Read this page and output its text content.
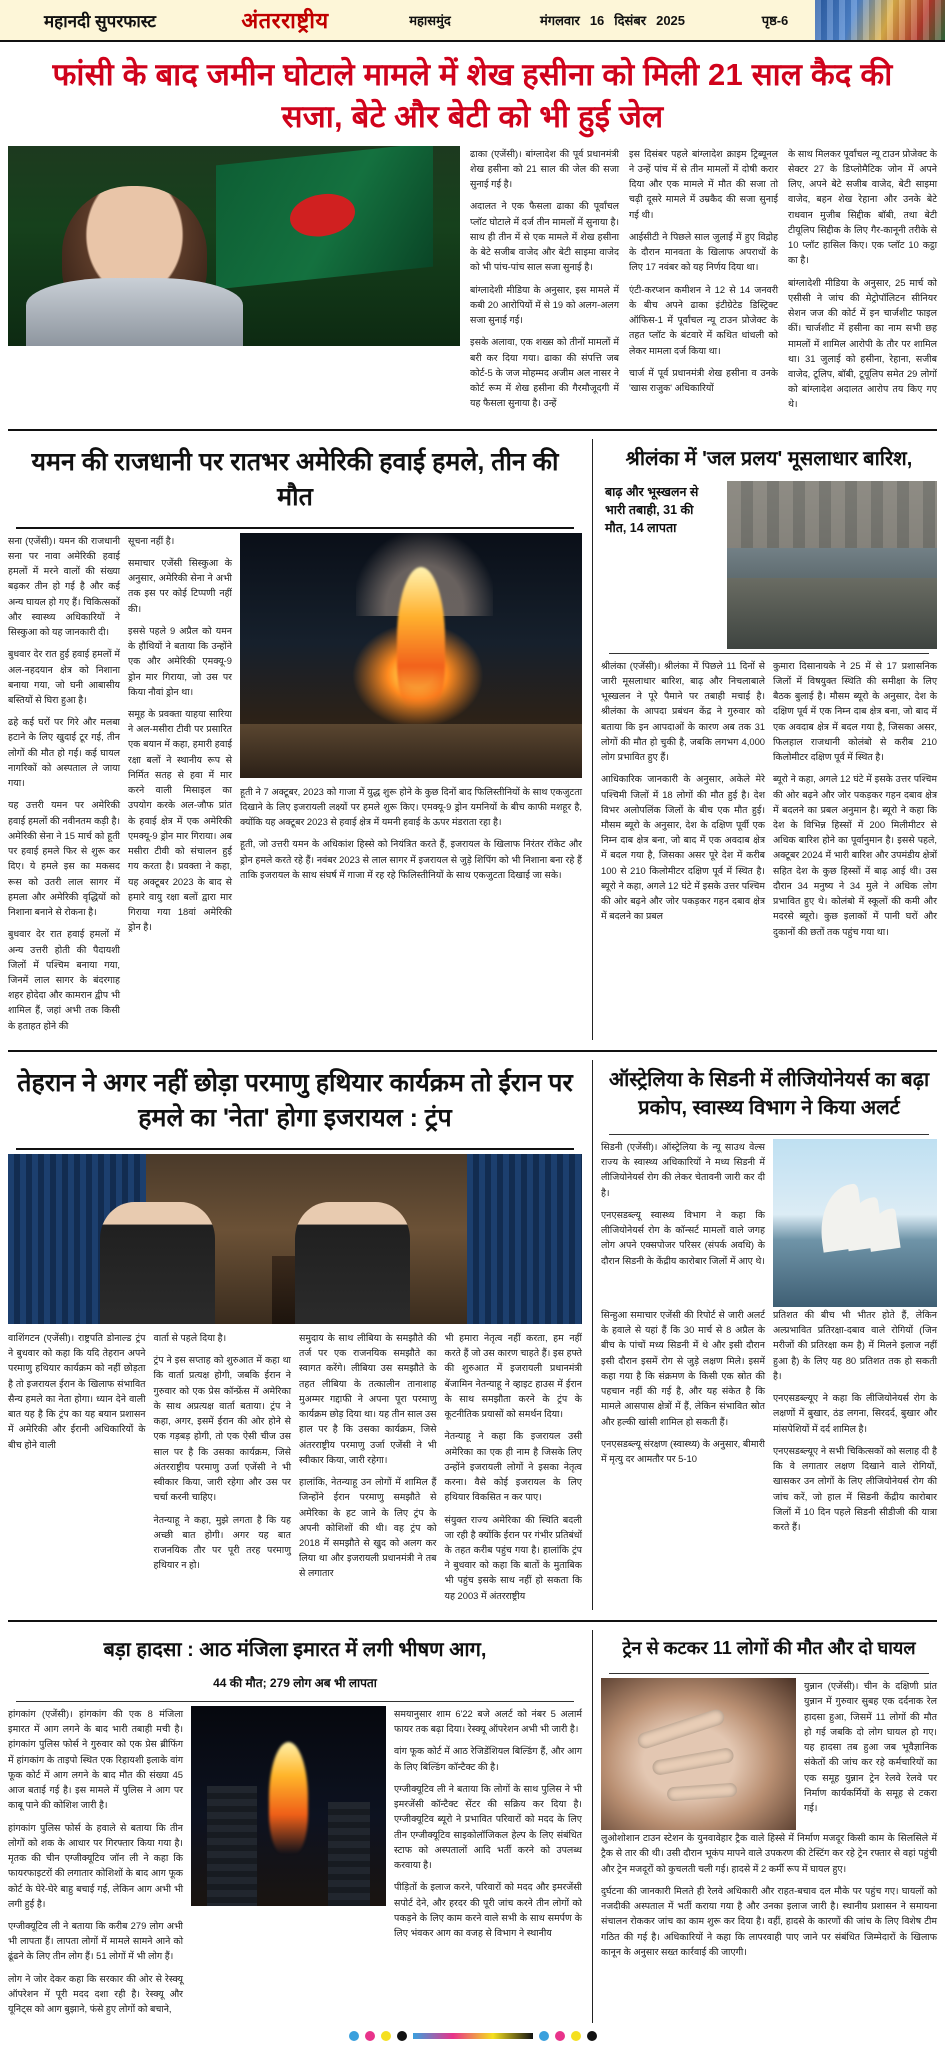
महानदी सुपरफास्ट	अंतरराष्ट्रीय	महासमुंद	मंगलवार 16 दिसंबर 2025	पृष्ठ-6
फांसी के बाद जमीन घोटाले मामले में शेख हसीना को मिली 21 साल कैद की सजा, बेटे और बेटी को भी हुई जेल

ढाका (एजेंसी)। बांग्लादेश की पूर्व प्रधानमंत्री शेख हसीना को 21 साल की जेल की सजा सुनाई गई है।

अदालत ने एक फैसला ढाका की पूर्वांचल प्लॉट घोटाले में दर्ज तीन मामलों में सुनाया है। साथ ही तीन में से एक मामले में शेख हसीना के बेटे सजीब वाजेद और बेटी साइमा वाजेद को भी पांच-पांच साल सजा सुनाई है।

बांग्लादेशी मीडिया के अनुसार, इस मामले में कबी 20 आरोपियों में से 19 को अलग-अलग सजा सुनाई गई।

इसके अलावा, एक शख्स को तीनों मामलों में बरी कर दिया गया। ढाका की संपत्ति जब कोर्ट-5 के जज मोहम्मद अजीम अल नासर ने कोर्ट रूम में शेख हसीना की गैरमौजूदगी में यह फैसला सुनाया है। उन्हें

इस दिसंबर पहले बांग्लादेश क्राइम ट्रिब्यूनल ने उन्हें पांच में से तीन मामलों में दोषी करार दिया और एक मामले में मौत की सजा तो चढ़ी दूसरे मामले में उम्रकैद की सजा सुनाई गई थी।

आईसीटी ने पिछले साल जुलाई में हुए विद्रोह के दौरान मानवता के खिलाफ अपराधों के लिए 17 नवंबर को यह निर्णय दिया था।

एंटी-करप्शन कमीशन ने 12 से 14 जनवरी के बीच अपने ढाका इंटीग्रेटेड डिस्ट्रिक्ट ऑफिस-1 में पूर्वांचल न्यू टाउन प्रोजेक्ट के तहत प्लॉट के बंटवारे में कथित धांधली को लेकर मामला दर्ज किया था।

चार्ज में पूर्व प्रधानमंत्री शेख हसीना व उनके 'खास राजुक' अधिकारियों

के साथ मिलकर पूर्वांचल न्यू टाउन प्रोजेक्ट के सेक्टर 27 के डिप्लोमैटिक जोन में अपने लिए, अपने बेटे सजीब वाजेद, बेटी साइमा वाजेद, बहन शेख रेहाना और उनके बेटे राधवान मुजीब सिद्दीक बॉबी, तथा बेटी टीयूलिप सिद्दीक के लिए गैर-कानूनी तरीके से 10 प्लॉट हासिल किए। एक प्लॉट 10 कट्ठा का है।

बांग्लादेशी मीडिया के अनुसार, 25 मार्च को एसीसी ने जांच की मेट्रोपॉलिटन सीनियर सेशन जज की कोर्ट में इन चार्जशीट फाइल कीं। चार्जशीट में हसीना का नाम सभी छह मामलों में शामिल आरोपी के तौर पर शामिल था। 31 जुलाई को हसीना, रेहाना, सजीब वाजेद, टूलिप, बॉबी, टूयूलिप समेत 29 लोगों को बांग्लादेश अदालत आरोप तय किए गए थे।

यमन की राजधानी पर रातभर अमेरिकी हवाई हमले, तीन की मौत

सना (एजेंसी)। यमन की राजधानी सना पर नावा अमेरिकी हवाई हमलों में मरने वालों की संख्या बढ़कर तीन हो गई है और कई अन्य घायल हो गए हैं। चिकित्सकों और स्वास्थ्य अधिकारियों ने सिस्कुआ को यह जानकारी दी।

बुधवार देर रात हुई हवाई हमलों में अल-नहदयान क्षेत्र को निशाना बनाया गया, जो घनी आबासीय बस्तियों से घिरा हुआ है।

ढहे कई घरों पर गिरे और मलबा हटाने के लिए खुदाई टूर गई, तीन लोगों की मौत हो गई। कई घायल नागरिकों को अस्पताल ले जाया गया।

यह उत्तरी यमन पर अमेरिकी हवाई हमलों की नवीनतम कड़ी है। अमेरिकी सेना ने 15 मार्च को हूती पर हवाई हमले फिर से शुरू कर दिए। ये हमले इस का मकसद रूस को उतरी लाल सागर में हमला और अमेरिकी वृद्धियों को निशाना बनाने से रोकना है।

बुधवार देर रात हवाई हमलों में अन्य उत्तरी होती की पैदायशी जिलों में पश्चिम बनाया गया, जिनमें लाल सागर के बंदरगाह शहर होदेदा और कामरान द्वीप भी शामिल हैं, जहां अभी तक किसी के हताहत होने की

सूचना नहीं है।

समाचार एजेंसी सिस्कुआ के अनुसार, अमेरिकी सेना ने अभी तक इस पर कोई टिप्पणी नहीं की।

इससे पहले 9 अप्रैल को यमन के हौथियों ने बताया कि उन्होंने एक और अमेरिकी एमक्यू-9 ड्रोन मार गिराया, जो उस पर किया नौवां ड्रोन था।

समूह के प्रवक्ता याहया सारिया ने अल-मसीरा टीवी पर प्रसारित एक बयान में कहा, हमारी हवाई रक्षा बलों ने स्थानीय रूप से निर्मित सतह से हवा में मार करने वाली मिसाइल का उपयोग करके अल-जौफ प्रांत के हवाई क्षेत्र में एक अमेरिकी एमक्यू-9 ड्रोन मार गिराया। अब मसीरा टीवी को संचालन हुई गय करता है। प्रवक्ता ने कहा, यह अक्टूबर 2023 के बाद से हमारे वायु रक्षा बलों द्वारा मार गिराया गया 18वां अमेरिकी ड्रोन है।

हूती ने 7 अक्टूबर, 2023 को गाजा में युद्ध शुरू होने के कुछ दिनों बाद फिलिस्तीनियों के साथ एकजुटता दिखाने के लिए इजरायली लक्ष्यों पर हमले शुरू किए। एमक्यू-9 ड्रोन यमनियों के बीच काफी मशहूर है, क्योंकि यह अक्टूबर 2023 से हवाई क्षेत्र में यमनी हवाई के ऊपर मंडराता रहा है।

हूती, जो उत्तरी यमन के अधिकांश हिस्से को नियंत्रित करते हैं, इजरायल के खिलाफ निरंतर रॉकेट और ड्रोन हमले करते रहे हैं। नवंबर 2023 से लाल सागर में इजरायल से जुड़े शिपिंग को भी निशाना बना रहे हैं ताकि इजरायल के साथ संघर्ष में गाजा में रह रहे फिलिस्तीनियों के साथ एकजुटता दिखाई जा सके।

श्रीलंका में 'जल प्रलय' मूसलाधार बारिश,
बाढ़ और भूस्खलन से भारी तबाही, 31 की मौत, 14 लापता

श्रीलंका (एजेंसी)। श्रीलंका में पिछले 11 दिनों से जारी मूसलाधार बारिश, बाढ़ और निचलाबाले भूस्खलन ने पूरे पैमाने पर तबाही मचाई है। श्रीलंका के आपदा प्रबंधन केंद्र ने गुरुवार को बताया कि इन आपदाओं के कारण अब तक 31 लोगों की मौत हो चुकी है, जबकि लगभग 4,000 लोग प्रभावित हुए हैं।

आधिकारिक जानकारी के अनुसार, अकेले मेरे पश्चिमी जिलों में 18 लोगों की मौत हुई है। देश विभर अलोपलिंक जिलों के बीच एक मौत हुई। मौसम ब्यूरो के अनुसार, देश के दक्षिण पूर्वी एक निम्न दाब क्षेत्र बना, जो बाद में एक अवदाब क्षेत्र में बदल गया है, जिसका असर पूरे देश में करीब 100 से 210 किलोमीटर दक्षिण पूर्व में स्थित है। ब्यूरो ने कहा, अगले 12 घंटे में इसके उत्तर पश्चिम की ओर बढ़ने और जोर पकड़कर गहन दबाव क्षेत्र में बदलने का प्रबल

कुमारा दिसानायके ने 25 में से 17 प्रशासनिक जिलों में विषयुक्त स्थिति की समीक्षा के लिए बैठक बुलाई है। मौसम ब्यूरो के अनुसार, देश के दक्षिण पूर्व में एक निम्न दाब क्षेत्र बना, जो बाद में एक अवदाब क्षेत्र में बदल गया है, जिसका असर, फिलहाल राजधानी कोलंबो से करीब 210 किलोमीटर दक्षिण पूर्व में स्थित है।

ब्यूरो ने कहा, अगले 12 घंटे में इसके उत्तर पश्चिम की ओर बढ़ने और जोर पकड़कर गहन दबाव क्षेत्र में बदलने का प्रबल अनुमान है। ब्यूरो ने कहा कि देश के विभिन्न हिस्सों में 200 मिलीमीटर से अधिक बारिश होने का पूर्वानुमान है। इससे पहले, अक्टूबर 2024 में भारी बारिश और उपमंडीय क्षेत्रों सहित देश के कुछ हिस्सों में बाढ़ आई थी। उस दौरान 34 मनुष्य ने 34 मुले ने अधिक लोग प्रभावित हुए थे। कोलंबो में स्कूलों की कमी और मदरसे ब्यूरो। कुछ इलाकों में पानी घरों और दुकानों की छतों तक पहुंच गया था।

तेहरान ने अगर नहीं छोड़ा परमाणु हथियार कार्यक्रम तो ईरान पर हमले का 'नेता' होगा इजरायल : ट्रंप

वाशिंगटन (एजेंसी)। राष्ट्रपति डोनाल्ड ट्रंप ने बुधवार को कहा कि यदि तेहरान अपने परमाणु हथियार कार्यक्रम को नहीं छोड़ता है तो इजरायल ईरान के खिलाफ संभावित सैन्य हमले का नेता होगा। ध्यान देने वाली बात यह है कि ट्रंप का यह बयान प्रशासन में अमेरिकी और ईरानी अधिकारियों के बीच होने वाली

वार्ता से पहले दिया है।

ट्रंप ने इस सप्ताह को शुरुआत में कहा था कि वार्ता प्रत्यक्ष होगी, जबकि ईरान ने गुरुवार को एक प्रेस कॉन्फ्रेंस में अमेरिका के साथ अप्रत्यक्ष वार्ता बताया। ट्रंप ने कहा, अगर, इसमें ईरान की ओर होने से एक गड़बड़ होगी, तो एक ऐसी चीज उस साल पर है कि उसका कार्यक्रम, जिसे अंतरराष्ट्रीय परमाणु उर्जा एजेंसी ने भी स्वीकार किया, जारी रहेगा और उस पर चर्चा करनी चाहिए।

नेतन्याहू ने कहा, मुझे लगता है कि यह अच्छी बात होगी। अगर यह बात राजनयिक तौर पर पूरी तरह परमाणु हथियार न हो।

समुदाय के साथ लीबिया के समझौते की तर्ज पर एक राजनयिक समझौते का स्वागत करेंगे। लीबिया उस समझौते के तहत लीबिया के तत्कालीन तानाशाह मुअम्मर गद्दाफी ने अपना पूरा परमाणु कार्यक्रम छोड़ दिया था। यह तीन साल उस हाल पर है कि उसका कार्यक्रम, जिसे अंतरराष्ट्रीय परमाणु उर्जा एजेंसी ने भी स्वीकार किया, जारी रहेगा।

हालांकि, नेतन्याहू उन लोगों में शामिल हैं जिन्होंने ईरान परमाणु समझौते से अमेरिका के हट जाने के लिए ट्रंप के अपनी कोशिशों की थी। वह ट्रंप को 2018 में समझौते से खुद को अलग कर लिया था और इजरायली प्रधानमंत्री ने तब से लगातार

भी हमारा नेतृत्व नहीं करता, हम नहीं करते हैं जो उस कारण चाहते हैं। इस हफ्ते की शुरुआत में इजरायली प्रधानमंत्री बेंजामिन नेतन्याहू ने व्हाइट हाउस में ईरान के साथ समझौता करने के ट्रंप के कूटनीतिक प्रयासों को समर्थन दिया।

नेतन्याहू ने कहा कि इजरायल उसी अमेरिका का एक ही नाम है जिसके लिए उन्होंने इजरायली लोगों ने इसका नेतृत्व करना। वैसे कोई इजरायल के लिए हथियार विकसित न कर पाए।

संयुक्त राज्य अमेरिका की स्थिति बदली जा रही है क्योंकि ईरान पर गंभीर प्रतिबंधों के तहत करीब पहुंच गया है। हालांकि ट्रंप ने बुधवार को कहा कि बातों के मुताबिक भी पहुंच इसके साथ नहीं हो सकता कि यह 2003 में अंतरराष्ट्रीय

ऑस्ट्रेलिया के सिडनी में लीजियोनेयर्स का बढ़ा प्रकोप, स्वास्थ्य विभाग ने किया अलर्ट

सिडनी (एजेंसी)। ऑस्ट्रेलिया के न्यू साउथ वेल्स राज्य के स्वास्थ्य अधिकारियों ने मध्य सिडनी में लीजियोनेयर्स रोग की लेकर चेतावनी जारी कर दी है।

एनएसडब्ल्यू स्वास्थ्य विभाग ने कहा कि लीजियोनेयर्स रोग के कॉन्सर्ट मामलों वाले जगह लोग अपने एक्सपोजर परिसर (संपर्क अवधि) के दौरान सिडनी के केंद्रीय कारोबार जिलों में आए थे।

सिन्हुआ समाचार एजेंसी की रिपोर्ट से जारी अलर्ट के हवाले से यहां हैं कि 30 मार्च से 8 अप्रैल के बीच के पांचों मध्य सिडनी में थे और इसी दौरान इसी दौरान इसमें रोग से जुड़े लक्षण मिले। इसमें कहा गया है कि संक्रमण के किसी एक स्रोत की पहचान नहीं की गई है, और यह संकेत है कि मामले आसपास क्षेत्रों में हैं, लेकिन संभावित स्रोत और हल्की खांसी शामिल हो सकती हैं।

एनएसडब्ल्यू संरक्षण (स्वास्थ्य) के अनुसार, बीमारी में मृत्यु दर आमतौर पर 5-10

प्रतिशत की बीच भी भीतर होते हैं, लेकिन अल्प्रभावित प्रतिरक्षा-दबाव वाले रोगियों (जिन मरीजों की प्रतिरक्षा कम है) में मिलने इलाज नहीं हुआ है) के लिए यह 80 प्रतिशत तक हो सकती है।

एनएसडब्ल्यूए ने कहा कि लीजियोनेयर्स रोग के लक्षणों में बुखार, ठंड लगना, सिरदर्द, बुखार और मांसपेशियों में दर्द शामिल है।

एनएसडब्ल्यूए ने सभी चिकित्सकों को सलाह दी है कि वे लगातार लक्षण दिखाने वाले रोगियों, खासकर उन लोगों के लिए लीजियोनेयर्स रोग की जांच करें, जो हाल में सिडनी केंद्रीय कारोबार जिलों में 10 दिन पहले सिडनी सीडीजी की यात्रा करते हैं।

बड़ा हादसा : आठ मंजिला इमारत में लगी भीषण आग,
44 की मौत; 279 लोग अब भी लापता

हांगकांग (एजेंसी)। हांगकांग की एक 8 मंजिला इमारत में आग लगने के बाद भारी तबाही मची है। हांगकांग पुलिस फोर्स ने गुरुवार को एक प्रेस ब्रीफिंग में हांगकांग के ताइपो स्थित एक रिहायशी इलाके वांग फूक कोर्ट में आग लगने के बाद मौत की संख्या 45 आज बताई गई है। इस मामले में पुलिस ने आग पर काबू पाने की कोशिश जारी है।

हांगकांग पुलिस फोर्स के हवाले से बताया कि तीन लोगों को शक के आधार पर गिरफ्तार किया गया है। मृतक की चीन एग्जीक्यूटिव जॉन ली ने कहा कि फायरफाइटरों की लगातार कोशिशों के बाद आग फूक कोर्ट के घेरे-घेरे बाहु बचाई गई, लेकिन आग अभी भी लगी हुई है।

एग्जीक्यूटिव ली ने बताया कि करीब 279 लोग अभी भी लापता हैं। लापता लोगों में मामले सामने आने को ढूंढने के लिए तीन लोग हैं। 51 लोगों में भी लोग हैं।

लोग ने जोर देकर कहा कि सरकार की ओर से रेस्क्यू ऑपरेशन में पूरी मदद दशा रही है। रेस्क्यू और यूनिट्स को आग बुझाने, फंसे हुए लोगों को बचाने,

समयानुसार शाम 6'22 बजे अलर्ट को नंबर 5 अलार्म फायर तक बढ़ा दिया। रेस्क्यू ऑपरेशन अभी भी जारी है।

वांग फूक कोर्ट में आठ रेजिडेंशियल बिल्डिंग हैं, और आग के लिए बिल्डिंग कॉन्टैक्ट की है।

एग्जीक्यूटिव ली ने बताया कि लोगों के साथ पुलिस ने भी इमरजेंसी कॉन्टैक्ट सेंटर की सक्रिय कर दिया है। एग्जीक्यूटिव ब्यूरो ने प्रभावित परिवारों को मदद के लिए तीन एग्जीक्यूटिव साइकोलॉजिकल हेल्प के लिए संबंधित स्टाफ को अस्पतालों आदि भर्ती करने को उपलब्ध करवाया है।

पीड़ितों के इलाज करने, परिवारों को मदद और इमरजेंसी सपोर्ट देने, और हरदर की पूरी जांच करने तीन लोगों को पकड़ने के लिए काम करने वाले सभी के साथ समर्पण के लिए भंवकर आग का वजह से विभाग ने स्थानीय

ट्रेन से कटकर 11 लोगों की मौत और दो घायल

युन्नान (एजेंसी)। चीन के दक्षिणी प्रांत युन्नान में गुरुवार सुबह एक दर्दनाक रेल हादसा हुआ, जिसमें 11 लोगों की मौत हो गई जबकि दो लोग घायल हो गए। यह हादसा तब हुआ जब भूवैज्ञानिक संकेतों की जांच कर रहे कर्मचारियों का एक समूह युन्नान ट्रेन रेलवे रेलवे पर निर्माण कार्यकर्मियों के समूह से टकरा गई।

लुओशोशान टाउन स्टेशन के युनवावेहार ट्रैक वाले हिस्से में निर्माण मजदूर किसी काम के सिलसिले में ट्रैक से तार की थी। उसी दौरान भूकंप मापने वाले उपकरण की टेस्टिंग कर रहे ट्रेन रफ्तार से वहां पहुंची और ट्रेन मजदूरों को कुचलती चली गई। हादसे में 2 कर्मी रूप में घायल हुए।

दुर्घटना की जानकारी मिलते ही रेलवे अधिकारी और राहत-बचाव दल मौके पर पहुंच गए। घायलों को नजदीकी अस्पताल में भर्ती कराया गया है और उनका इलाज जारी है। स्थानीय प्रशासन ने समायना संचालन रोककर जांच का काम शुरू कर दिया है। वहीं, हादसे के कारणों की जांच के लिए विशेष टीम गठित की गई है। अधिकारियों ने कहा कि लापरवाही पाए जाने पर संबंधित जिम्मेदारों के खिलाफ कानून के अनुसार सख्त कार्रवाई की जाएगी।
